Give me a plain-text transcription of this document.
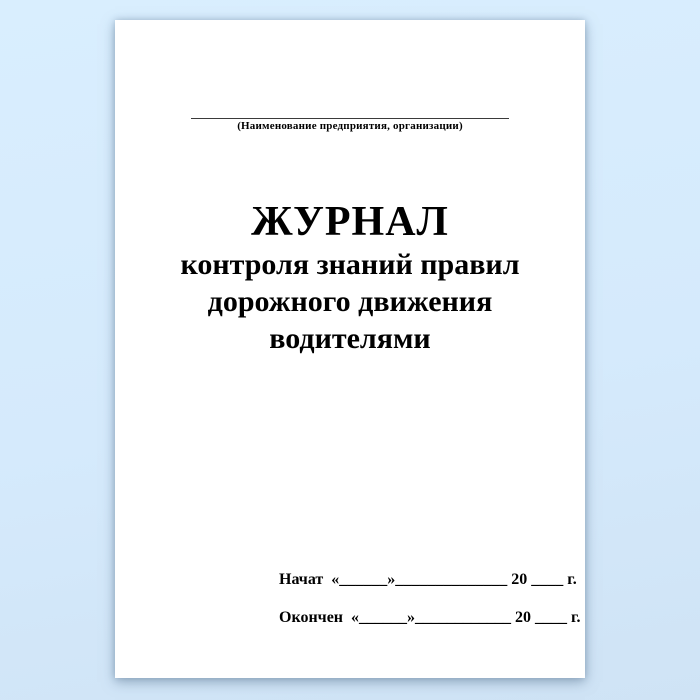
(Наименование предприятия, организации)
ЖУРНАЛ
контроля знаний правил
дорожного движения
водителями
Начат  «______»______________ 20 ____ г.
Окончен  «______»____________ 20 ____ г.
